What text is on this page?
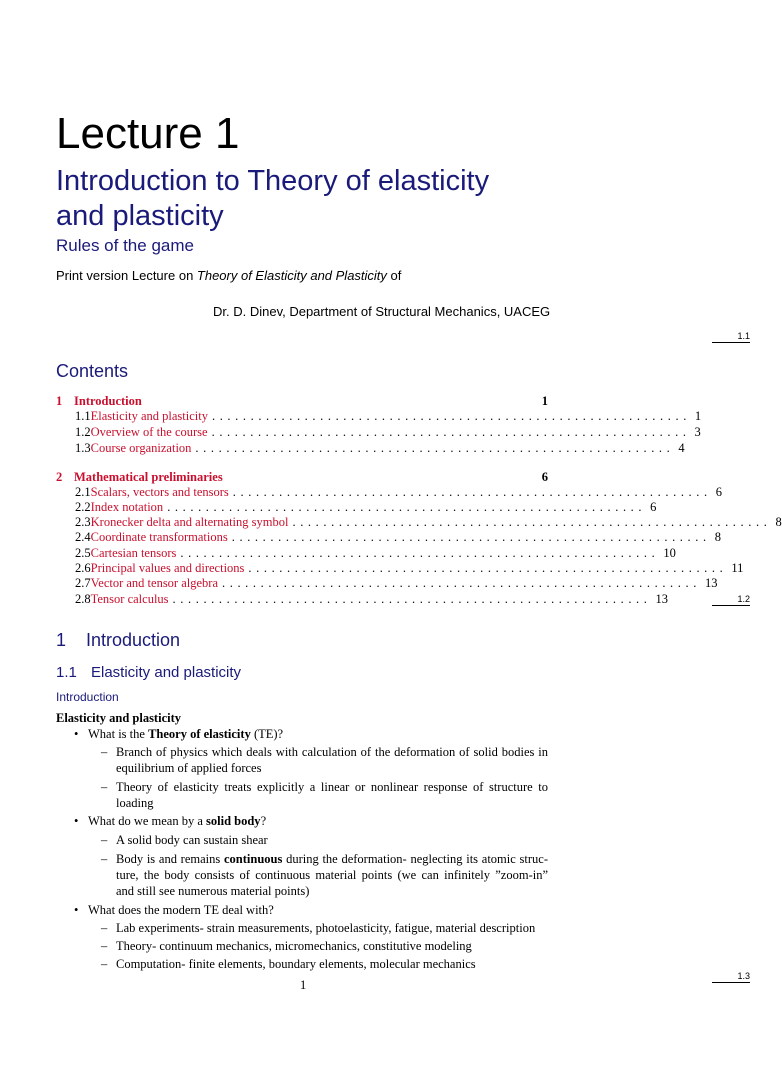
Lecture 1
Introduction to Theory of elasticity
and plasticity
Rules of the game
Print version Lecture on Theory of Elasticity and Plasticity of
Dr. D. Dinev, Department of Structural Mechanics, UACEG
1.1
1.2
1.3
Contents
1 Introduction	1
1.1 Elasticity and plasticity .............................................................. 1
1.2 Overview of the course .............................................................. 3
1.3 Course organization .............................................................. 4
2 Mathematical preliminaries	6
2.1 Scalars, vectors and tensors .............................................................. 6
2.2 Index notation .............................................................. 6
2.3 Kronecker delta and alternating symbol .............................................................. 8
2.4 Coordinate transformations .............................................................. 8
2.5 Cartesian tensors .............................................................. 10
2.6 Principal values and directions .............................................................. 11
2.7 Vector and tensor algebra .............................................................. 13
2.8 Tensor calculus .............................................................. 13
1 Introduction
1.1 Elasticity and plasticity
Introduction
Elasticity and plasticity
• What is the Theory of elasticity (TE)?
– Branch of physics which deals with calculation of the deformation of solid bodies in
equilibrium of applied forces
– Theory of elasticity treats explicitly a linear or nonlinear response of structure to
loading
• What do we mean by a solid body?
– A solid body can sustain shear
– Body is and remains continuous during the deformation- neglecting its atomic struc-
ture, the body consists of continuous material points (we can infinitely ”zoom-in”
and still see numerous material points)
• What does the modern TE deal with?
– Lab experiments- strain measurements, photoelasticity, fatigue, material description
– Theory- continuum mechanics, micromechanics, constitutive modeling
– Computation- finite elements, boundary elements, molecular mechanics
1
